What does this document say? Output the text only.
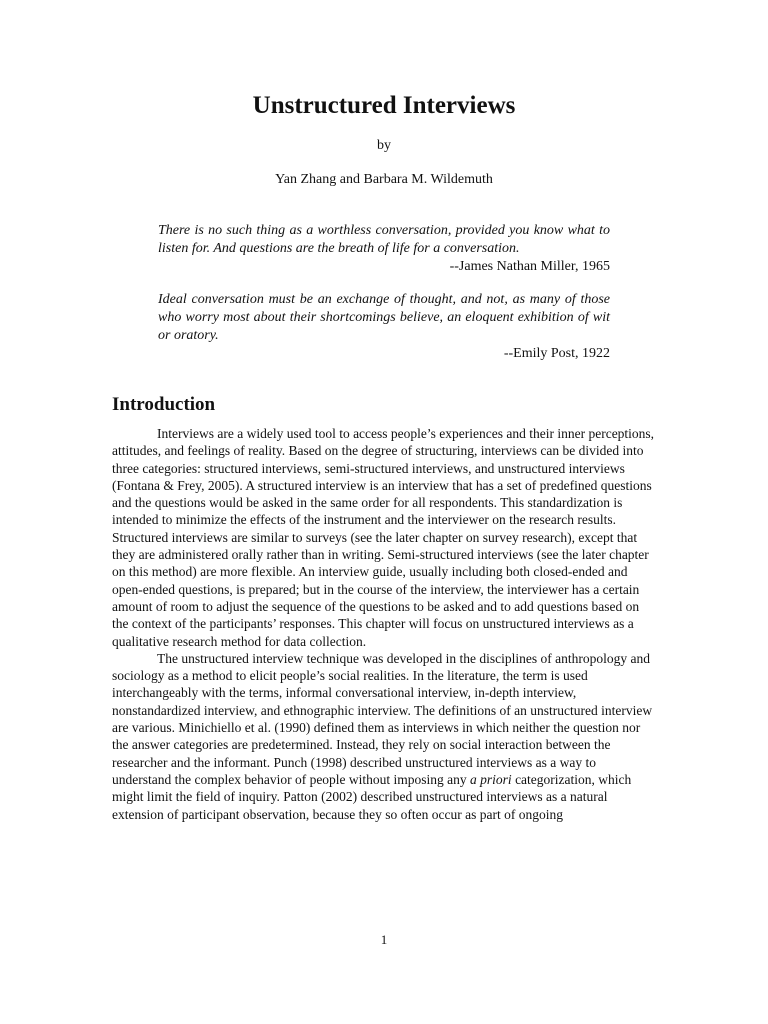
Unstructured Interviews
by
Yan Zhang and Barbara M. Wildemuth
There is no such thing as a worthless conversation, provided you know what to listen for. And questions are the breath of life for a conversation.
--James Nathan Miller, 1965
Ideal conversation must be an exchange of thought, and not, as many of those who worry most about their shortcomings believe, an eloquent exhibition of wit or oratory.
--Emily Post, 1922
Introduction

Interviews are a widely used tool to access people’s experiences and their inner perceptions, attitudes, and feelings of reality. Based on the degree of structuring, interviews can be divided into three categories: structured interviews, semi-structured interviews, and unstructured interviews (Fontana & Frey, 2005). A structured interview is an interview that has a set of predefined questions and the questions would be asked in the same order for all respondents. This standardization is intended to minimize the effects of the instrument and the interviewer on the research results. Structured interviews are similar to surveys (see the later chapter on survey research), except that they are administered orally rather than in writing. Semi-structured interviews (see the later chapter on this method) are more flexible. An interview guide, usually including both closed-ended and open-ended questions, is prepared; but in the course of the interview, the interviewer has a certain amount of room to adjust the sequence of the questions to be asked and to add questions based on the context of the participants’ responses. This chapter will focus on unstructured interviews as a qualitative research method for data collection.

The unstructured interview technique was developed in the disciplines of anthropology and sociology as a method to elicit people’s social realities. In the literature, the term is used interchangeably with the terms, informal conversational interview, in-depth interview, nonstandardized interview, and ethnographic interview. The definitions of an unstructured interview are various. Minichiello et al. (1990) defined them as interviews in which neither the question nor the answer categories are predetermined. Instead, they rely on social interaction between the researcher and the informant. Punch (1998) described unstructured interviews as a way to understand the complex behavior of people without imposing any a priori categorization, which might limit the field of inquiry. Patton (2002) described unstructured interviews as a natural extension of participant observation, because they so often occur as part of ongoing

1
